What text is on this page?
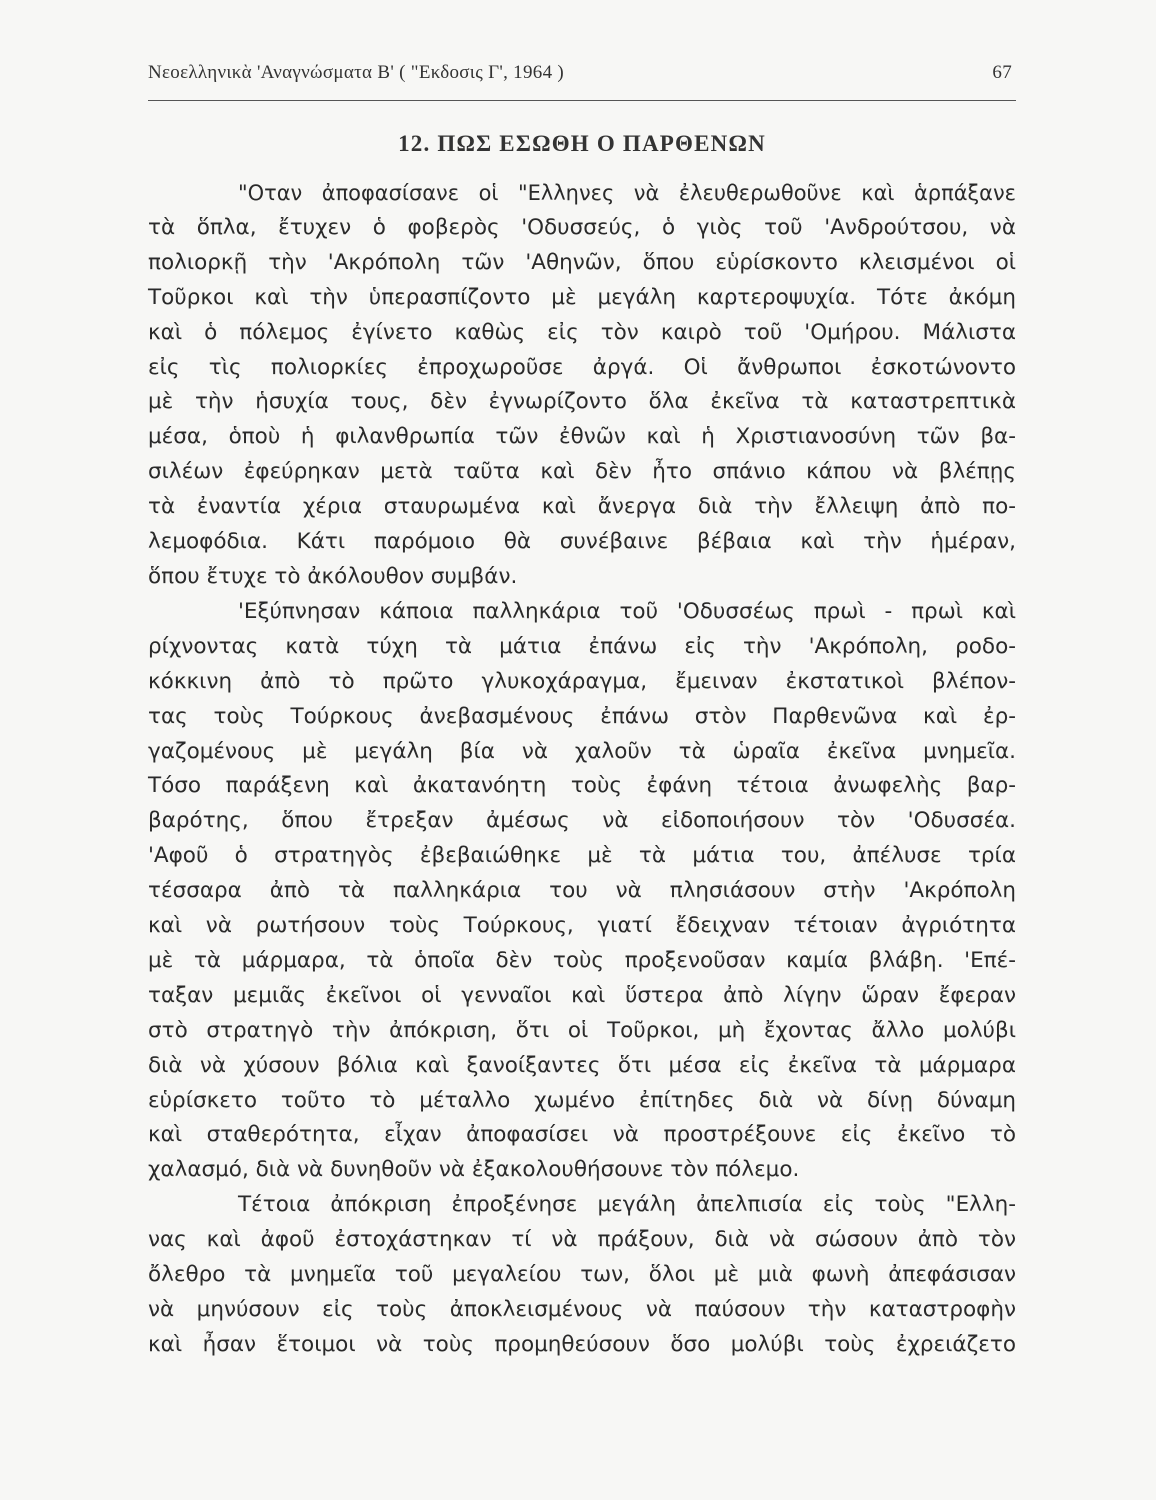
Νεοελληνικὰ 'Αναγνώσματα Β' ( "Εκδοσις Γ', 1964 )	67
12. ΠΩΣ ΕΣΩΘΗ Ο ΠΑΡΘΕΝΩΝ
"Οταν ἀποφασίσανε οἱ "Ελληνες νὰ ἐλευθερωθοῦνε καὶ ἁρπάξανε
τὰ ὅπλα, ἔτυχεν ὁ φοβερὸς 'Οδυσσεύς, ὁ γιὸς τοῦ 'Ανδρούτσου, νὰ
πολιορκῇ τὴν 'Ακρόπολη τῶν 'Αθηνῶν, ὅπου εὑρίσκοντο κλεισμένοι οἱ
Τοῦρκοι καὶ τὴν ὑπερασπίζοντο μὲ μεγάλη καρτεροψυχία. Τότε ἀκόμη
καὶ ὁ πόλεμος ἐγίνετο καθὼς εἰς τὸν καιρὸ τοῦ 'Ομήρου. Μάλιστα
εἰς τὶς πολιορκίες ἐπροχωροῦσε ἀργά. Οἱ ἄνθρωποι ἐσκοτώνοντο
μὲ τὴν ἡσυχία τους, δὲν ἐγνωρίζοντο ὅλα ἐκεῖνα τὰ καταστρεπτικὰ
μέσα, ὁποὺ ἡ φιλανθρωπία τῶν ἐθνῶν καὶ ἡ Χριστιανοσύνη τῶν βα-
σιλέων ἐφεύρηκαν μετὰ ταῦτα καὶ δὲν ἦτο σπάνιο κάπου νὰ βλέπῃς
τὰ ἐναντία χέρια σταυρωμένα καὶ ἄνεργα διὰ τὴν ἔλλειψη ἀπὸ πο-
λεμοφόδια. Κάτι παρόμοιο θὰ συνέβαινε βέβαια καὶ τὴν ἡμέραν,
ὅπου ἔτυχε τὸ ἀκόλουθον συμβάν.
'Εξύπνησαν κάποια παλληκάρια τοῦ 'Οδυσσέως πρωὶ - πρωὶ καὶ
ρίχνοντας κατὰ τύχη τὰ μάτια ἐπάνω εἰς τὴν 'Ακρόπολη, ροδο-
κόκκινη ἀπὸ τὸ πρῶτο γλυκοχάραγμα, ἔμειναν ἐκστατικοὶ βλέπον-
τας τοὺς Τούρκους ἀνεβασμένους ἐπάνω στὸν Παρθενῶνα καὶ ἐρ-
γαζομένους μὲ μεγάλη βία νὰ χαλοῦν τὰ ὡραῖα ἐκεῖνα μνημεῖα.
Τόσο παράξενη καὶ ἀκατανόητη τοὺς ἐφάνη τέτοια ἀνωφελὴς βαρ-
βαρότης, ὅπου ἔτρεξαν ἀμέσως νὰ εἰδοποιήσουν τὸν 'Οδυσσέα.
'Αφοῦ ὁ στρατηγὸς ἐβεβαιώθηκε μὲ τὰ μάτια του, ἀπέλυσε τρία
τέσσαρα ἀπὸ τὰ παλληκάρια του νὰ πλησιάσουν στὴν 'Ακρόπολη
καὶ νὰ ρωτήσουν τοὺς Τούρκους, γιατί ἔδειχναν τέτοιαν ἀγριότητα
μὲ τὰ μάρμαρα, τὰ ὁποῖα δὲν τοὺς προξενοῦσαν καμία βλάβη. 'Επέ-
ταξαν μεμιᾶς ἐκεῖνοι οἱ γενναῖοι καὶ ὕστερα ἀπὸ λίγην ὥραν ἔφεραν
στὸ στρατηγὸ τὴν ἀπόκριση, ὅτι οἱ Τοῦρκοι, μὴ ἔχοντας ἄλλο μολύβι
διὰ νὰ χύσουν βόλια καὶ ξανοίξαντες ὅτι μέσα εἰς ἐκεῖνα τὰ μάρμαρα
εὑρίσκετο τοῦτο τὸ μέταλλο χωμένο ἐπίτηδες διὰ νὰ δίνῃ δύναμη
καὶ σταθερότητα, εἶχαν ἀποφασίσει νὰ προστρέξουνε εἰς ἐκεῖνο τὸ
χαλασμό, διὰ νὰ δυνηθοῦν νὰ ἐξακολουθήσουνε τὸν πόλεμο.
Τέτοια ἀπόκριση ἐπροξένησε μεγάλη ἀπελπισία εἰς τοὺς "Ελλη-
νας καὶ ἀφοῦ ἐστοχάστηκαν τί νὰ πράξουν, διὰ νὰ σώσουν ἀπὸ τὸν
ὄλεθρο τὰ μνημεῖα τοῦ μεγαλείου των, ὅλοι μὲ μιὰ φωνὴ ἀπεφάσισαν
νὰ μηνύσουν εἰς τοὺς ἀποκλεισμένους νὰ παύσουν τὴν καταστροφὴν
καὶ ἦσαν ἕτοιμοι νὰ τοὺς προμηθεύσουν ὅσο μολύβι τοὺς ἐχρειάζετο
